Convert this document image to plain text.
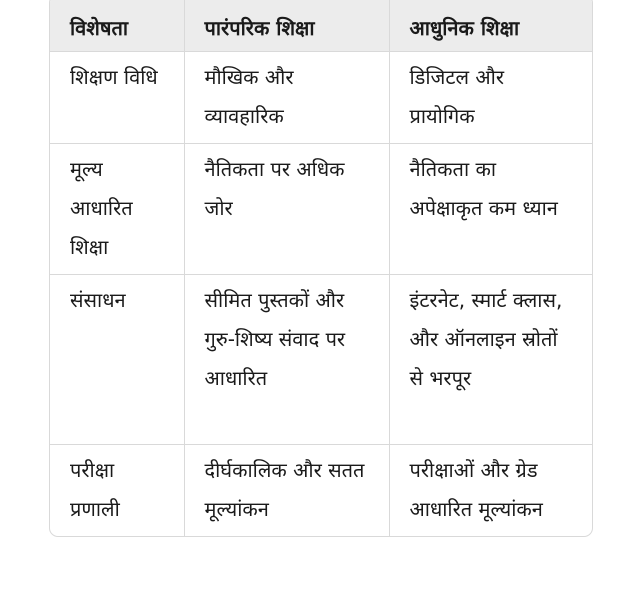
विशेषता	पारंपरिक शिक्षा	आधुनिक शिक्षा
शिक्षण विधि	मौखिक और व्यावहारिक	डिजिटल और प्रायोगिक
मूल्य आधारित शिक्षा	नैतिकता पर अधिक जोर	नैतिकता का अपेक्षाकृत कम ध्यान
संसाधन	सीमित पुस्तकों और गुरु-शिष्य संवाद पर आधारित	इंटरनेट, स्मार्ट क्लास, और ऑनलाइन स्रोतों से भरपूर
परीक्षा प्रणाली	दीर्घकालिक और सतत मूल्यांकन	परीक्षाओं और ग्रेड आधारित मूल्यांकन
